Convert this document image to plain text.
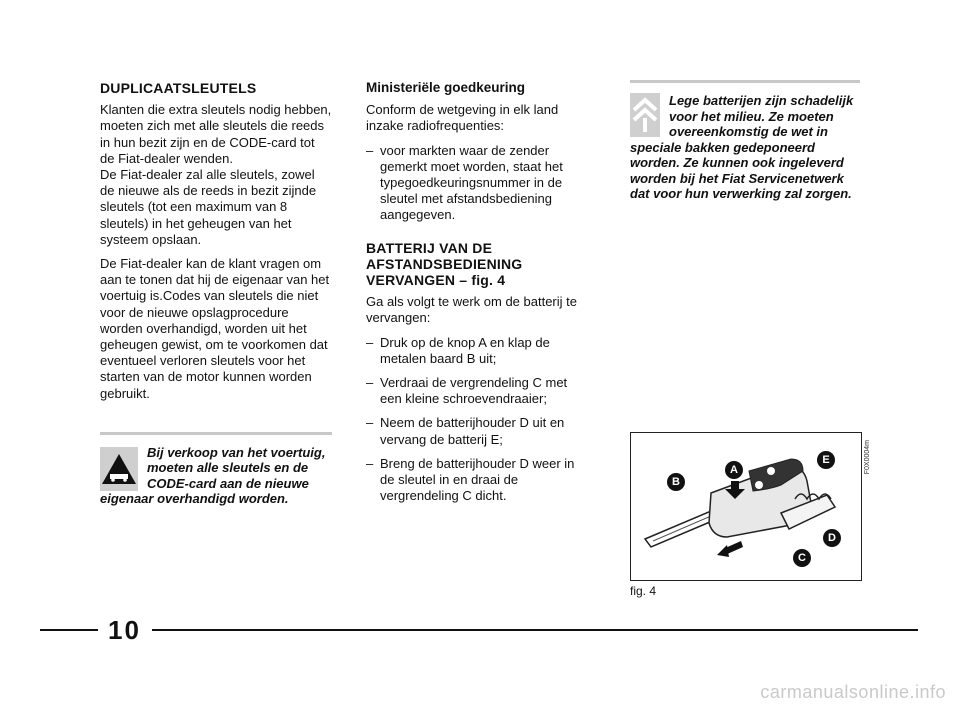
DUPLICAATSLEUTELS

Klanten die extra sleutels nodig hebben, moeten zich met alle sleutels die reeds in hun bezit zijn en de CODE-card tot de Fiat-dealer wenden.

De Fiat-dealer zal alle sleutels, zowel de nieuwe als de reeds in bezit zijnde sleutels (tot een maximum van 8 sleutels) in het geheugen van het systeem opslaan.

De Fiat-dealer kan de klant vragen om aan te tonen dat hij de eigenaar van het voertuig is.Codes van sleutels die niet voor de nieuwe opslagprocedure worden overhandigd, worden uit het geheugen gewist, om te voorkomen dat eventueel verloren sleutels voor het starten van de motor kunnen worden gebruikt.

Bij verkoop van het voertuig, moeten alle sleutels en de CODE-card aan de nieuwe eigenaar overhandigd worden.
Ministeriële goedkeuring

Conform de wetgeving in elk land inzake radiofrequenties:

– voor markten waar de zender gemerkt moet worden, staat het typegoedkeuringsnummer in de sleutel met afstandsbediening aangegeven.
BATTERIJ VAN DE AFSTANDSBEDIENING VERVANGEN – fig. 4

Ga als volgt te werk om de batterij te vervangen:

– Druk op de knop A en klap de metalen baard B uit;
– Verdraai de vergrendeling C met een kleine schroevendraaier;
– Neem de batterijhouder D uit en vervang de batterij E;
– Breng de batterijhouder D weer in de sleutel in en draai de vergrendeling C dicht.
Lege batterijen zijn schadelijk voor het milieu. Ze moeten overeenkomstig de wet in speciale bakken gedeponeerd worden. Ze kunnen ook ingeleverd worden bij het Fiat Servicenetwerk dat voor hun verwerking zal zorgen.
A
B
C
D
E	F0X0004m
fig. 4
10
carmanualsonline.info
